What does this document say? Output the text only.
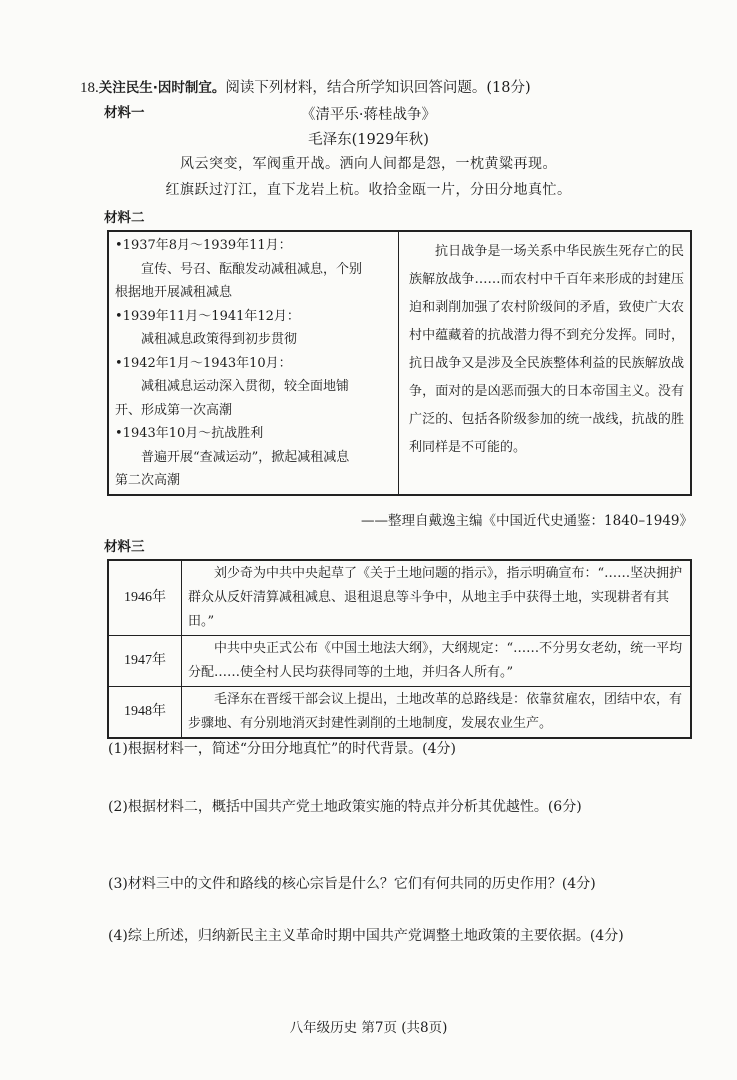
18.关注民生·因时制宜。阅读下列材料，结合所学知识回答问题。(18分)
材料一	《清平乐·蒋桂战争》
毛泽东(1929年秋)
风云突变，军阀重开战。洒向人间都是怨，一枕黄粱再现。
红旗跃过汀江，直下龙岩上杭。收拾金瓯一片，分田分地真忙。
材料二
•1937年8月～1939年11月：
宣传、号召、酝酿发动减租减息，个别
根据地开展减租减息
•1939年11月～1941年12月：
减租减息政策得到初步贯彻
•1942年1月～1943年10月：
减租减息运动深入贯彻，较全面地铺
开、形成第一次高潮
•1943年10月～抗战胜利
普遍开展“查减运动”，掀起减租减息
第二次高潮
抗日战争是一场关系中华民族生死存亡的民族解放战争……而农村中千百年来形成的封建压迫和剥削加强了农村阶级间的矛盾，致使广大农村中蕴藏着的抗战潜力得不到充分发挥。同时，抗日战争又是涉及全民族整体利益的民族解放战争，面对的是凶恶而强大的日本帝国主义。没有广泛的、包括各阶级参加的统一战线，抗战的胜利同样是不可能的。
——整理自戴逸主编《中国近代史通鉴：1840–1949》
材料三
1946年	刘少奇为中共中央起草了《关于土地问题的指示》，指示明确宣布：“……坚决拥护群众从反奸清算减租减息、退租退息等斗争中，从地主手中获得土地，实现耕者有其田。”
1947年	中共中央正式公布《中国土地法大纲》，大纲规定：“……不分男女老幼，统一平均分配……使全村人民均获得同等的土地，并归各人所有。”
1948年	毛泽东在晋绥干部会议上提出，土地改革的总路线是：依靠贫雇农，团结中农，有步骤地、有分别地消灭封建性剥削的土地制度，发展农业生产。
(1)根据材料一，简述“分田分地真忙”的时代背景。(4分)
(2)根据材料二，概括中国共产党土地政策实施的特点并分析其优越性。(6分)
(3)材料三中的文件和路线的核心宗旨是什么？它们有何共同的历史作用？(4分)
(4)综上所述，归纳新民主主义革命时期中国共产党调整土地政策的主要依据。(4分)
八年级历史 第7页 (共8页)
